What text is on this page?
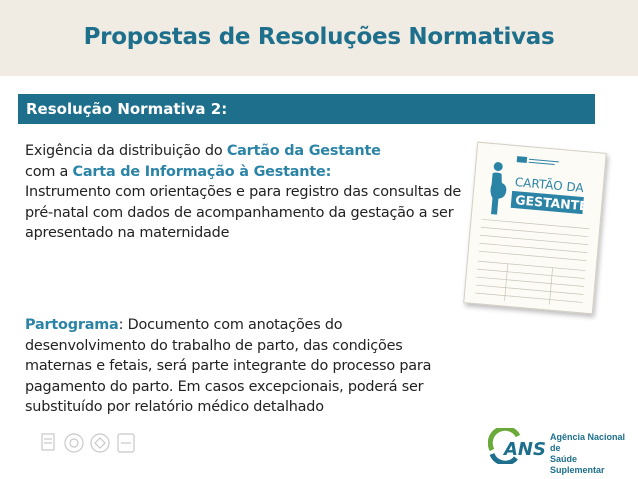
Propostas de Resoluções Normativas
Resolução Normativa 2:
Exigência da distribuição do Cartão da Gestante
com a Carta de Informação à Gestante:
Instrumento com orientações e para registro das consultas de pré-natal com dados de acompanhamento da gestação a ser apresentado na maternidade
Partograma: Documento com anotações do desenvolvimento do trabalho de parto, das condições maternas e fetais, será parte integrante do processo para pagamento do parto. Em casos excepcionais, poderá ser substituído por relatório médico detalhado
CARTÃO DA
GESTANTE
ANS
Agência Nacional de
Saúde Suplementar
